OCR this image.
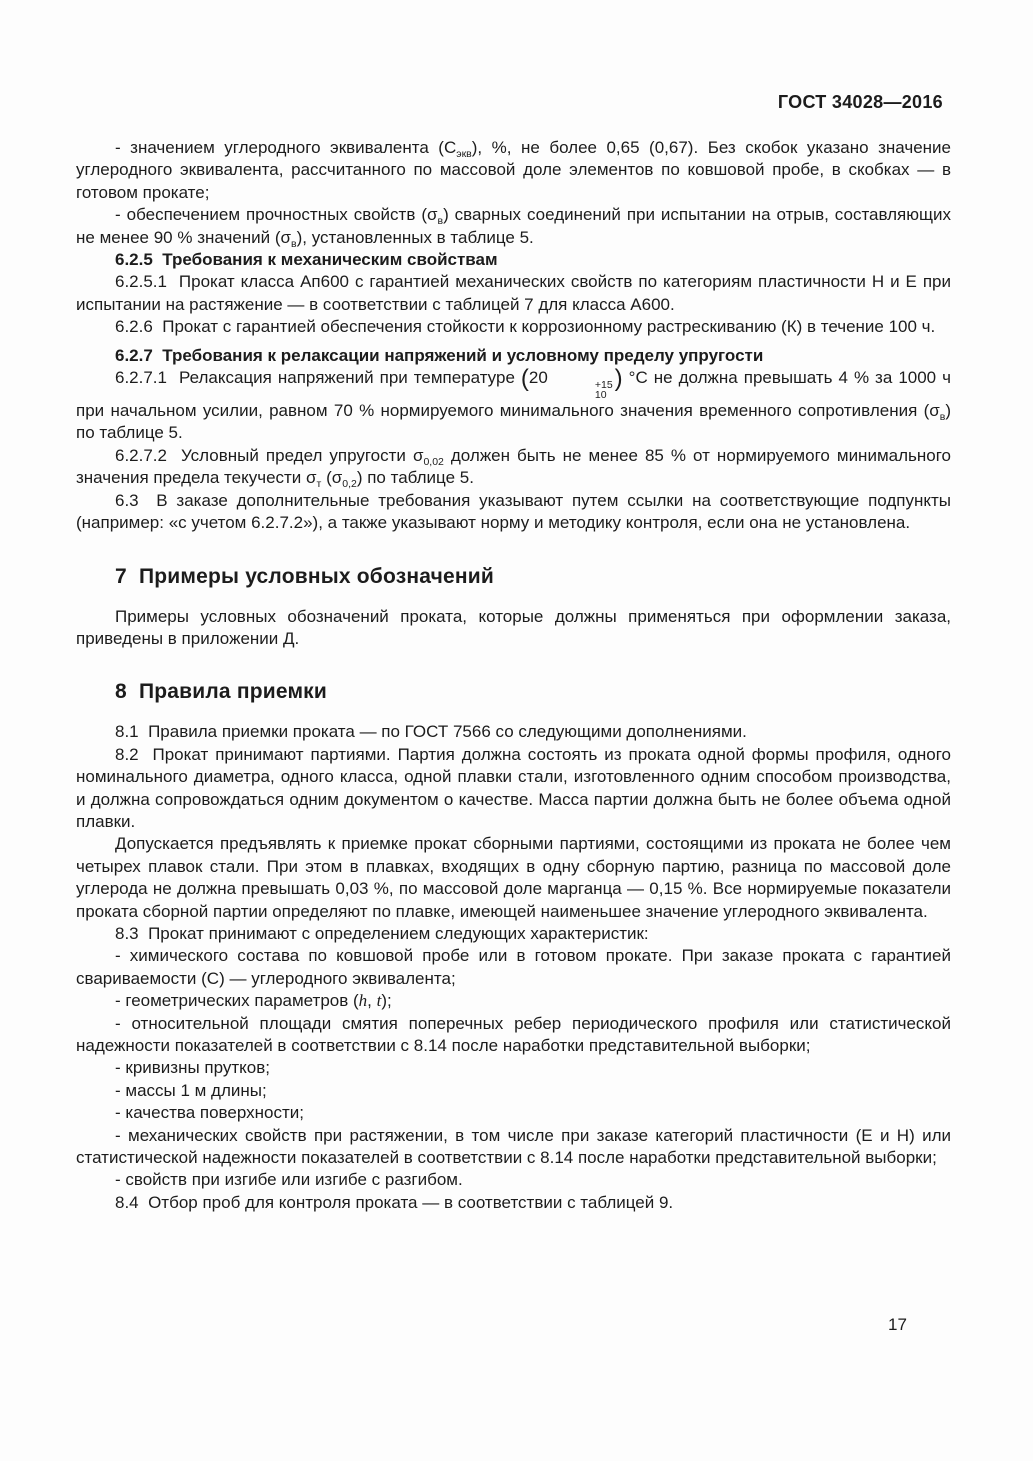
ГОСТ 34028—2016

- значением углеродного эквивалента $(С_{экв})$, %, не более 0,65 (0,67). Без скобок указано значение углеродного эквивалента, рассчитанного по массовой доле элементов по ковшовой пробе, в скобках — в готовом прокате;

- обеспечением прочностных свойств $(\sigma_в)$ сварных соединений при испытании на отрыв, составляющих не менее 90 % значений $(\sigma_в)$, установленных в таблице 5.

6.2.5  Требования к механическим свойствам

6.2.5.1  Прокат класса Ап600 с гарантией механических свойств по категориям пластичности Н и Е при испытании на растяжение — в соответствии с таблицей 7 для класса А600.

6.2.6  Прокат с гарантией обеспечения стойкости к коррозионному растрескиванию (К) в течение 100 ч.

6.2.7  Требования к релаксации напряжений и условному пределу упругости

6.2.7.1  Релаксация напряжений при температуре (20	+15
10
) °С не должна превышать 4 % за 1000 ч при начальном усилии, равном 70 % нормируемого минимального значения временного сопротивления $(\sigma_в)$ по таблице 5.

6.2.7.2  Условный предел упругости $\sigma_{0,02}$ должен быть не менее 85 % от нормируемого минимального значения предела текучести $\sigma_т$ $(\sigma_{0,2})$ по таблице 5.

6.3  В заказе дополнительные требования указывают путем ссылки на соответствующие подпункты (например: «с учетом 6.2.7.2»), а также указывают норму и методику контроля, если она не установлена.

7  Примеры условных обозначений

Примеры условных обозначений проката, которые должны применяться при оформлении заказа, приведены в приложении Д.

8  Правила приемки

8.1  Правила приемки проката — по ГОСТ 7566 со следующими дополнениями.

8.2  Прокат принимают партиями. Партия должна состоять из проката одной формы профиля, одного номинального диаметра, одного класса, одной плавки стали, изготовленного одним способом производства, и должна сопровождаться одним документом о качестве. Масса партии должна быть не более объема одной плавки.

Допускается предъявлять к приемке прокат сборными партиями, состоящими из проката не более чем четырех плавок стали. При этом в плавках, входящих в одну сборную партию, разница по массовой доле углерода не должна превышать 0,03 %, по массовой доле марганца — 0,15 %. Все нормируемые показатели проката сборной партии определяют по плавке, имеющей наименьшее значение углеродного эквивалента.

8.3  Прокат принимают с определением следующих характеристик:

- химического состава по ковшовой пробе или в готовом прокате. При заказе проката с гарантией свариваемости (С) — углеродного эквивалента;

- геометрических параметров (h, t);

- относительной площади смятия поперечных ребер периодического профиля или статистической надежности показателей в соответствии с 8.14 после наработки представительной выборки;

- кривизны прутков;

- массы 1 м длины;

- качества поверхности;

- механических свойств при растяжении, в том числе при заказе категорий пластичности (Е и Н) или статистической надежности показателей в соответствии с 8.14 после наработки представительной выборки;

- свойств при изгибе или изгибе с разгибом.

8.4  Отбор проб для контроля проката — в соответствии с таблицей 9.

17
